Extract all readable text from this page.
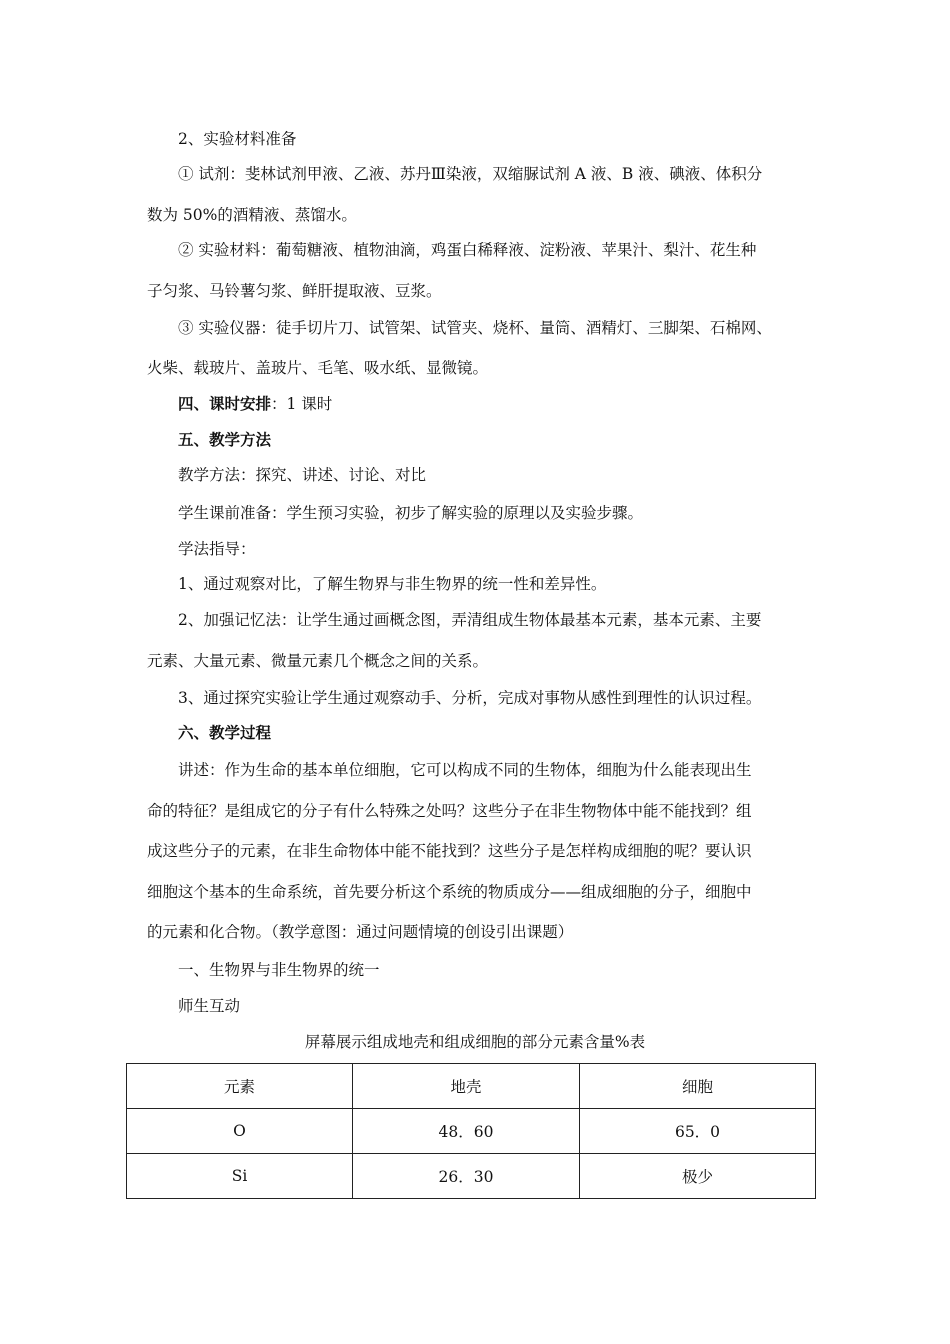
2、实验材料准备

① 试剂：斐林试剂甲液、乙液、苏丹Ⅲ染液，双缩脲试剂 A 液、B 液、碘液、体积分

数为 50%的酒精液、蒸馏水。

② 实验材料：葡萄糖液、植物油滴，鸡蛋白稀释液、淀粉液、苹果汁、梨汁、花生种

子匀浆、马铃薯匀浆、鲜肝提取液、豆浆。

③ 实验仪器：徒手切片刀、试管架、试管夹、烧杯、量筒、酒精灯、三脚架、石棉网、

火柴、载玻片、盖玻片、毛笔、吸水纸、显微镜。

四、课时安排：1 课时

五、教学方法

教学方法：探究、讲述、讨论、对比

学生课前准备：学生预习实验，初步了解实验的原理以及实验步骤。

学法指导：

1、通过观察对比，了解生物界与非生物界的统一性和差异性。

2、加强记忆法：让学生通过画概念图，弄清组成生物体最基本元素，基本元素、主要

元素、大量元素、微量元素几个概念之间的关系。

3、通过探究实验让学生通过观察动手、分析，完成对事物从感性到理性的认识过程。

六、教学过程

讲述：作为生命的基本单位细胞，它可以构成不同的生物体，细胞为什么能表现出生

命的特征？是组成它的分子有什么特殊之处吗？这些分子在非生物物体中能不能找到？组

成这些分子的元素，在非生命物体中能不能找到？这些分子是怎样构成细胞的呢？要认识

细胞这个基本的生命系统，首先要分析这个系统的物质成分——组成细胞的分子，细胞中

的元素和化合物。（教学意图：通过问题情境的创设引出课题）

一、生物界与非生物界的统一

师生互动

屏幕展示组成地壳和组成细胞的部分元素含量%表
元素	地壳	细胞
O	48．60	65．0
Si	26．30	极少
